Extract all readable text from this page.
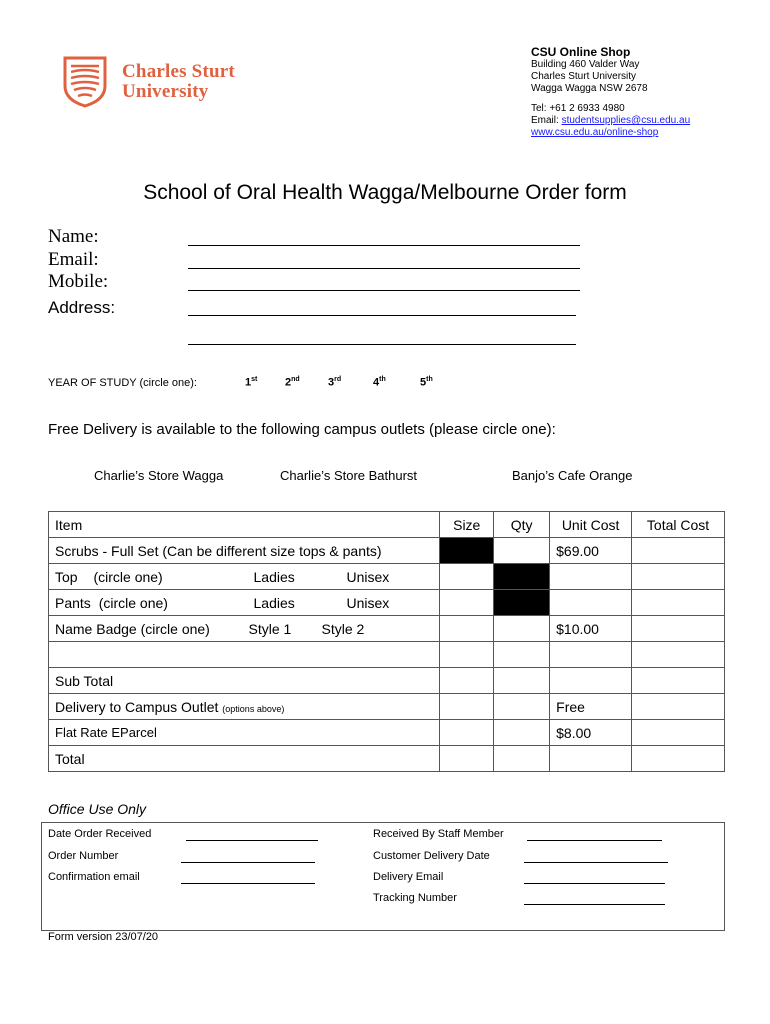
Charles Sturt
University
CSU Online Shop
Building 460 Valder Way
Charles Sturt University
Wagga Wagga NSW 2678
Tel: +61 2 6933 4980
Email: studentsupplies@csu.edu.au
www.csu.edu.au/online-shop
School of Oral Health Wagga/Melbourne Order form
Name:
Email:
Mobile:
Address:
YEAR OF STUDY (circle one):	1st	2nd	3rd	4th	5th
Free Delivery is available to the following campus outlets (please circle one):
Charlie’s Store Wagga	Charlie’s Store Bathurst	Banjo’s Cafe Orange
Item	Size	Qty	Unit Cost	Total Cost
Scrubs - Full Set (Can be different size tops & pants)			$69.00	
Top (circle one) Ladies Unisex				

Pants (circle one) Ladies Unisex				

Name Badge (circle one) Style 1 Style 2			$10.00	

Sub Total				
Delivery to Campus Outlet (options above)			Free	
Flat Rate EParcel			$8.00	
Total				
Office Use Only
Date Order Received
Order Number
Confirmation email
Received By Staff Member
Customer Delivery Date
Delivery Email
Tracking Number
Form version 23/07/20
